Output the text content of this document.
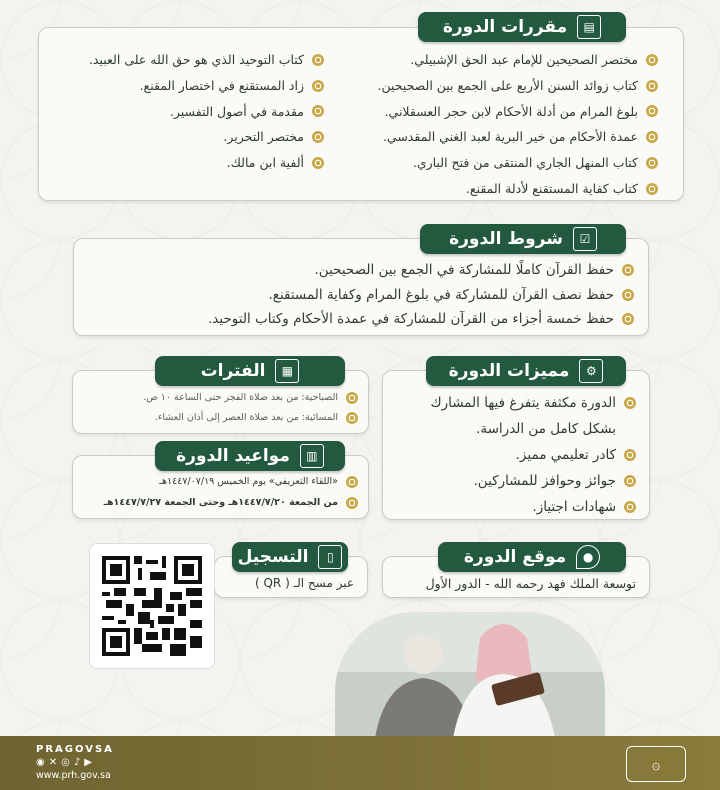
▤
مقررات الدورة
مختصر الصحيحين للإمام عبد الحق الإشبيلي.
كتاب زوائد السنن الأربع على الجمع بين الصحيحين.
بلوغ المرام من أدلة الأحكام لابن حجر العسقلاني.
عمدة الأحكام من خير البرية لعبد الغني المقدسي.
كتاب المنهل الجاري المنتقى من فتح الباري.
كتاب كفاية المستقنع لأدلة المقنع.
كتاب التوحيد الذي هو حق الله على العبيد.
زاد المستقنع في اختصار المقنع.
مقدمة في أصول التفسير.
مختصر التحرير.
ألفية ابن مالك.
☑
شروط الدورة
حفظ القرآن كاملًا للمشاركة في الجمع بين الصحيحين.
حفظ نصف القرآن للمشاركة في بلوغ المرام وكفاية المستقنع.
حفظ خمسة أجزاء من القرآن للمشاركة في عمدة الأحكام وكتاب التوحيد.
▦
الفترات
الصباحية: من بعد صلاة الفجر حتى الساعة ١٠ ص.
المسائية: من بعد صلاة العصر إلى أذان العشاء.
▥
مواعيد الدورة
«اللقاء التعريفي» يوم الخميس ١٤٤٧/٠٧/١٩هـ
من الجمعة ١٤٤٧/٧/٢٠هـ وحتى الجمعة ١٤٤٧/٧/٢٧هـ
⚙
مميزات الدورة
الدورة مكثفة يتفرغ فيها المشارك بشكل كامل من الدراسة.
كادر تعليمي مميز.
جوائز وحوافز للمشاركين.
شهادات اجتياز.
▯
التسجيل
عبر مسح الـ ( QR )
●
موقع الدورة
توسعة الملك فهد رحمه الله - الدور الأول
PRAGOVSA
◉ ✕ ◎ ♪ ▶
www.prh.gov.sa
۞
